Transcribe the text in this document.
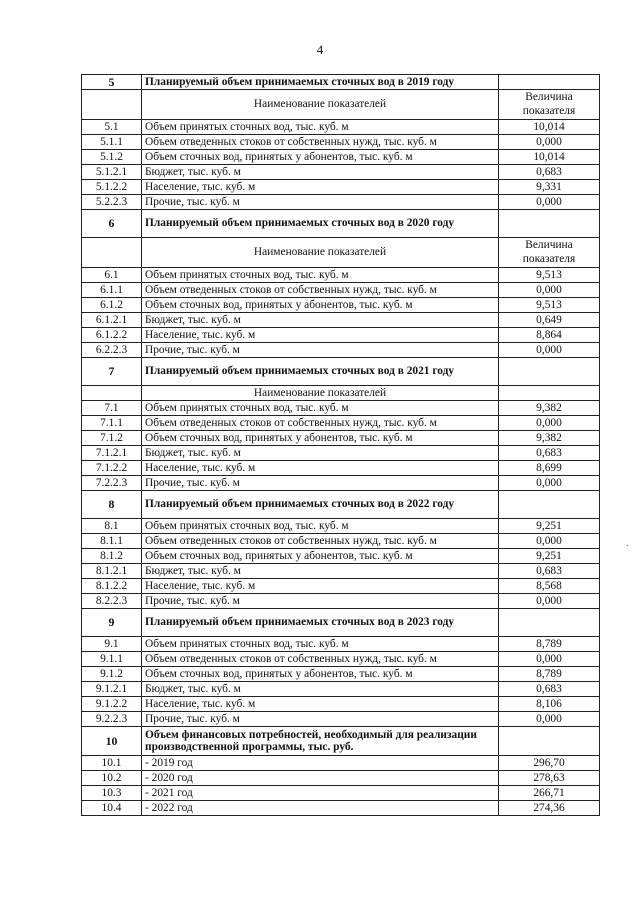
4
5	Планируемый объем принимаемых сточных вод в 2019 году	
	Наименование показателей	Величина показателя
5.1	Объем принятых сточных вод, тыс. куб. м	10,014
5.1.1	Объем отведенных стоков от собственных нужд, тыс. куб. м	0,000
5.1.2	Объем сточных вод, принятых у абонентов, тыс. куб. м	10,014
5.1.2.1	Бюджет, тыс. куб. м	0,683
5.1.2.2	Население, тыс. куб. м	9,331
5.2.2.3	Прочие, тыс. куб. м	0,000
6	Планируемый объем принимаемых сточных вод в 2020 году	
	Наименование показателей	Величина показателя
6.1	Объем принятых сточных вод, тыс. куб. м	9,513
6.1.1	Объем отведенных стоков от собственных нужд, тыс. куб. м	0,000
6.1.2	Объем сточных вод, принятых у абонентов, тыс. куб. м	9,513
6.1.2.1	Бюджет, тыс. куб. м	0,649
6.1.2.2	Население, тыс. куб. м	8,864
6.2.2.3	Прочие, тыс. куб. м	0,000
7	Планируемый объем принимаемых сточных вод в 2021 году	
	Наименование показателей	
7.1	Объем принятых сточных вод, тыс. куб. м	9,382
7.1.1	Объем отведенных стоков от собственных нужд, тыс. куб. м	0,000
7.1.2	Объем сточных вод, принятых у абонентов, тыс. куб. м	9,382
7.1.2.1	Бюджет, тыс. куб. м	0,683
7.1.2.2	Население, тыс. куб. м	8,699
7.2.2.3	Прочие, тыс. куб. м	0,000
8	Планируемый объем принимаемых сточных вод в 2022 году	
8.1	Объем принятых сточных вод, тыс. куб. м	9,251
8.1.1	Объем отведенных стоков от собственных нужд, тыс. куб. м	0,000
8.1.2	Объем сточных вод, принятых у абонентов, тыс. куб. м	9,251
8.1.2.1	Бюджет, тыс. куб. м	0,683
8.1.2.2	Население, тыс. куб. м	8,568
8.2.2.3	Прочие, тыс. куб. м	0,000
9	Планируемый объем принимаемых сточных вод в 2023 году	
9.1	Объем принятых сточных вод, тыс. куб. м	8,789
9.1.1	Объем отведенных стоков от собственных нужд, тыс. куб. м	0,000
9.1.2	Объем сточных вод, принятых у абонентов, тыс. куб. м	8,789
9.1.2.1	Бюджет, тыс. куб. м	0,683
9.1.2.2	Население, тыс. куб. м	8,106
9.2.2.3	Прочие, тыс. куб. м	0,000
10	Объем финансовых потребностей, необходимый для реализации производственной программы, тыс. руб.	
10.1	- 2019 год	296,70
10.2	- 2020 год	278,63
10.3	- 2021 год	266,71
10.4	- 2022 год	274,36
.
